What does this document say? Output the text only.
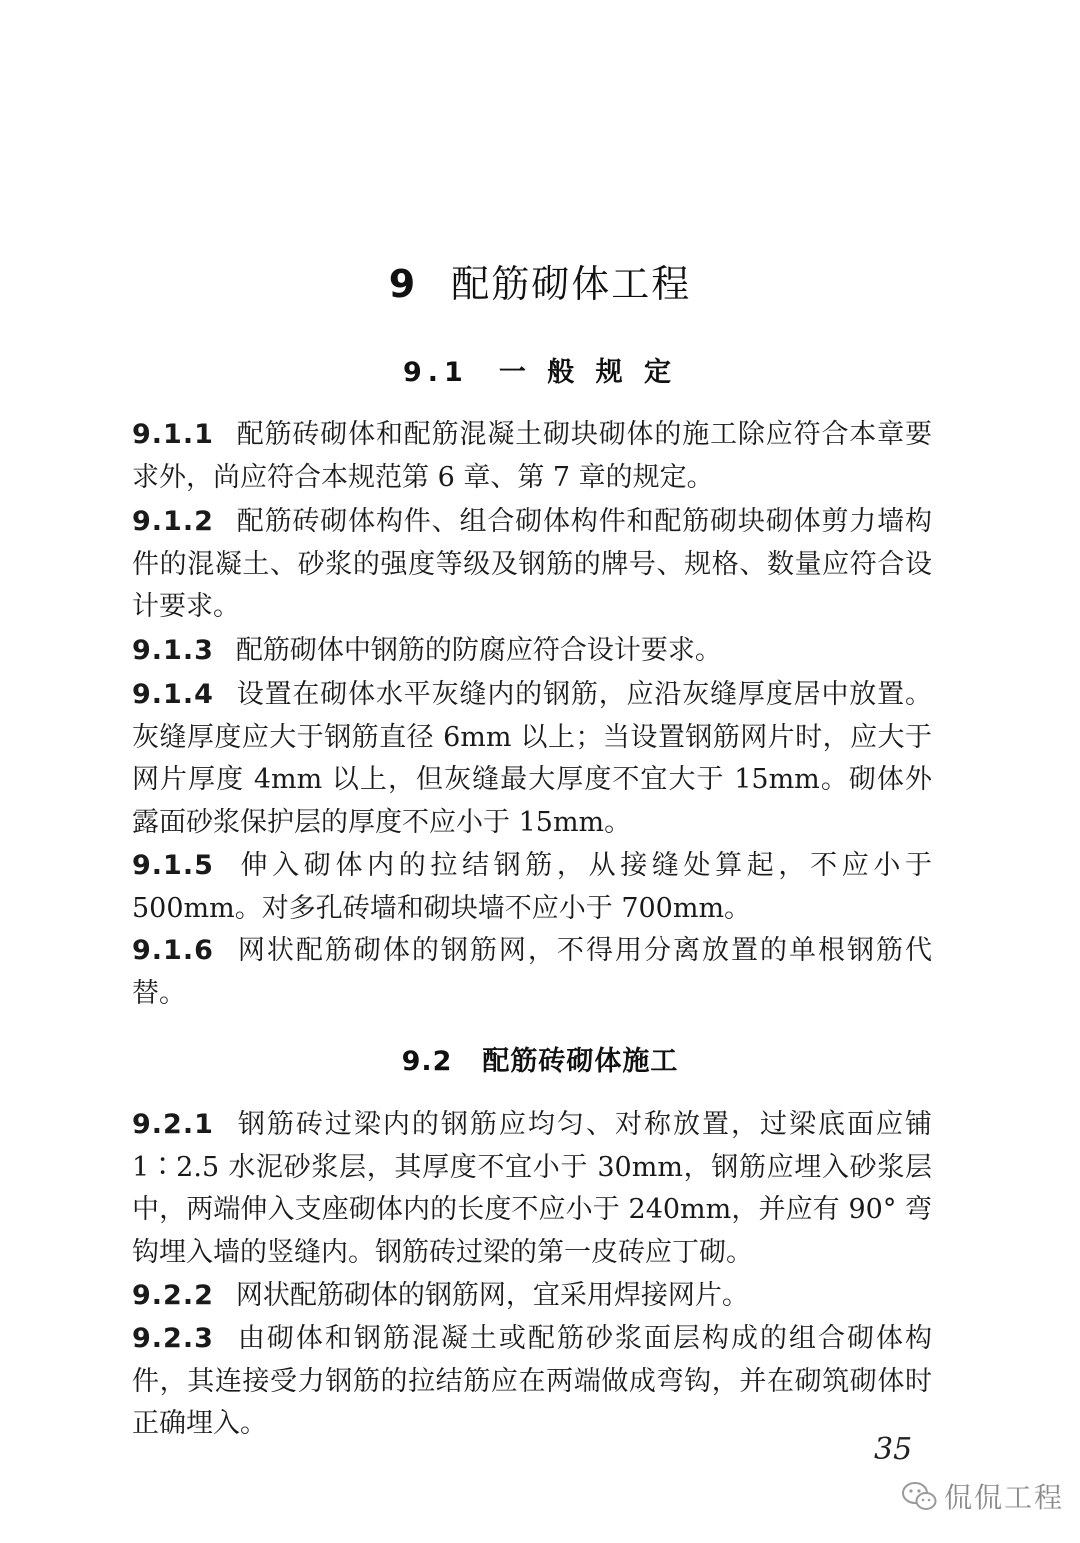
9 配筋砌体工程
9.1 一 般 规 定

9.1.1 配筋砖砌体和配筋混凝土砌块砌体的施工除应符合本章要求外，尚应符合本规范第 6 章、第 7 章的规定。

9.1.2 配筋砖砌体构件、组合砌体构件和配筋砌块砌体剪力墙构件的混凝土、砂浆的强度等级及钢筋的牌号、规格、数量应符合设计要求。

9.1.3 配筋砌体中钢筋的防腐应符合设计要求。

9.1.4 设置在砌体水平灰缝内的钢筋，应沿灰缝厚度居中放置。灰缝厚度应大于钢筋直径 6mm 以上；当设置钢筋网片时，应大于网片厚度 4mm 以上，但灰缝最大厚度不宜大于 15mm。砌体外露面砂浆保护层的厚度不应小于 15mm。

9.1.5 伸入砌体内的拉结钢筋，从接缝处算起，不应小于 500mm。对多孔砖墙和砌块墙不应小于 700mm。

9.1.6 网状配筋砌体的钢筋网，不得用分离放置的单根钢筋代替。

9.2 配筋砖砌体施工

9.2.1 钢筋砖过梁内的钢筋应均匀、对称放置，过梁底面应铺 1∶2.5 水泥砂浆层，其厚度不宜小于 30mm，钢筋应埋入砂浆层中，两端伸入支座砌体内的长度不应小于 240mm，并应有 90° 弯钩埋入墙的竖缝内。钢筋砖过梁的第一皮砖应丁砌。

9.2.2 网状配筋砌体的钢筋网，宜采用焊接网片。

9.2.3 由砌体和钢筋混凝土或配筋砂浆面层构成的组合砌体构件，其连接受力钢筋的拉结筋应在两端做成弯钩，并在砌筑砌体时正确埋入。

35
侃侃工程
